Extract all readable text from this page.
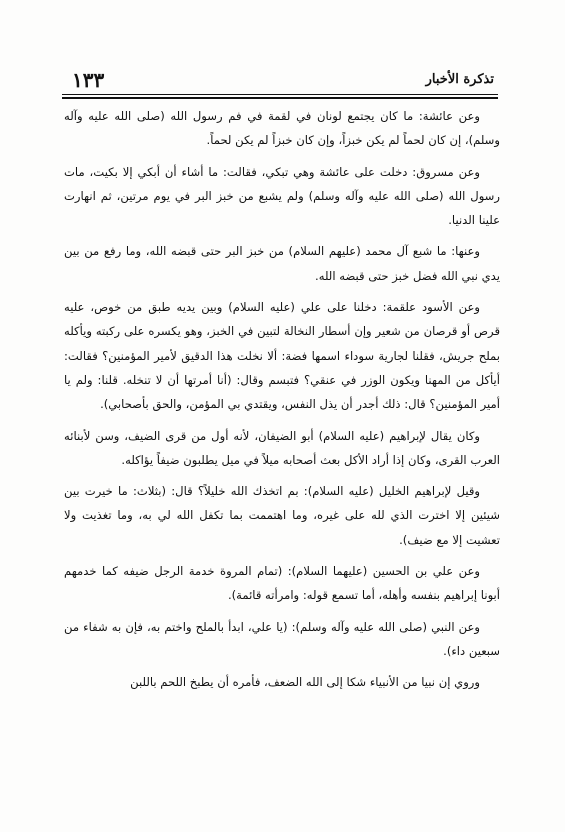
تذكرة الأخبار
١٣٣

وعن عائشة: ما كان يجتمع لونان في لقمة في فم رسول الله (صلى الله عليه وآله وسلم)، إن كان لحماً لم يكن خبزاً، وإن كان خبزاً لم يكن لحماً.

وعن مسروق: دخلت على عائشة وهي تبكي، فقالت: ما أشاء أن أبكي إلا بكيت، مات رسول الله (صلى الله عليه وآله وسلم) ولم يشبع من خبز البر في يوم مرتين، ثم انهارت علينا الدنيا.

وعنها: ما شبع آل محمد (عليهم السلام) من خبز البر حتى قبضه الله، وما رفع من بين يدي نبي الله فضل خبز حتى قبضه الله.

وعن الأسود علقمة: دخلنا على علي (عليه السلام) وبين يديه طبق من خوص، عليه قرص أو قرصان من شعير وإن أسطار النخالة لتبين في الخبز، وهو يكسره على ركبته ويأكله بملح جريش، فقلنا لجارية سوداء اسمها فضة: ألا نخلت هذا الدقيق لأمير المؤمنين؟ فقالت: أيأكل من المهنا ويكون الوزر في عنقي؟ فتبسم وقال: (أنا أمرتها أن لا تنخله. قلنا: ولم يا أمير المؤمنين؟ قال: ذلك أجدر أن يذل النفس، ويقتدي بي المؤمن، والحق بأصحابي).

وكان يقال لإبراهيم (عليه السلام) أبو الضيفان، لأنه أول من قرى الضيف، وسن لأبنائه العرب القرى، وكان إذا أراد الأكل بعث أصحابه ميلاً في ميل يطلبون ضيفاً يؤاكله.

وقيل لإبراهيم الخليل (عليه السلام): بم اتخذك الله خليلاً؟ قال: (بثلاث: ما خيرت بين شيئين إلا اخترت الذي لله على غيره، وما اهتممت بما تكفل الله لي به، وما تغذيت ولا تعشيت إلا مع ضيف).

وعن علي بن الحسين (عليهما السلام): (تمام المروة خدمة الرجل ضيفه كما خدمهم أبونا إبراهيم بنفسه وأهله، أما تسمع قوله: وامرأته قائمة).

وعن النبي (صلى الله عليه وآله وسلم): (يا علي، ابدأ بالملح واختم به، فإن به شفاء من سبعين داء).

وروي إن نبيا من الأنبياء شكا إلى الله الضعف، فأمره أن يطبخ اللحم باللبن
